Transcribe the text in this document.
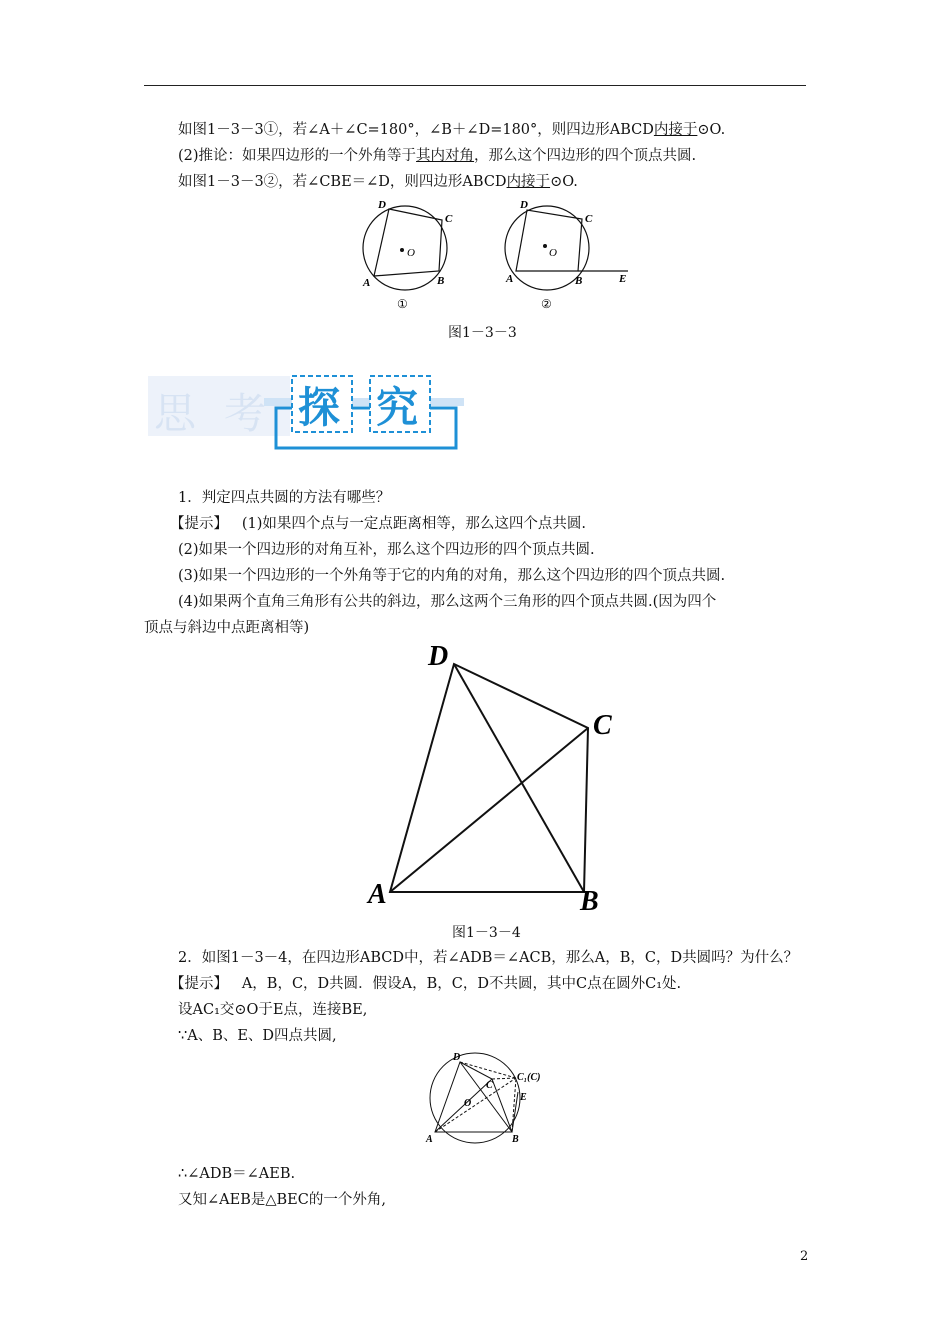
如图1－3－3①，若∠A＋∠C=180°，∠B＋∠D=180°，则四边形ABCD内接于⊙O.
(2)推论：如果四边形的一个外角等于其内对角，那么这个四边形的四个顶点共圆.
如图1－3－3②，若∠CBE＝∠D，则四边形ABCD内接于⊙O.
O
D
C
A	B
①
O
D
C
A	B	E
②
图1－3－3
思 考 探 究
1．判定四点共圆的方法有哪些？
【提示】 (1)如果四个点与一定点距离相等，那么这四个点共圆.
(2)如果一个四边形的对角互补，那么这个四边形的四个顶点共圆.
(3)如果一个四边形的一个外角等于它的内角的对角，那么这个四边形的四个顶点共圆.
(4)如果两个直角三角形有公共的斜边，那么这两个三角形的四个顶点共圆.(因为四个
顶点与斜边中点距离相等)
D
C
A	B
图1－3－4
2．如图1－3－4，在四边形ABCD中，若∠ADB＝∠ACB，那么A，B，C，D共圆吗？为什么？
【提示】 A，B，C，D共圆．假设A，B，C，D不共圆，其中C点在圆外C₁处.
设AC₁交⊙O于E点，连接BE,
∵A、B、E、D四点共圆,
D
C
C₁(C)
E
O
A	B
∴∠ADB＝∠AEB.
又知∠AEB是△BEC的一个外角,
2
